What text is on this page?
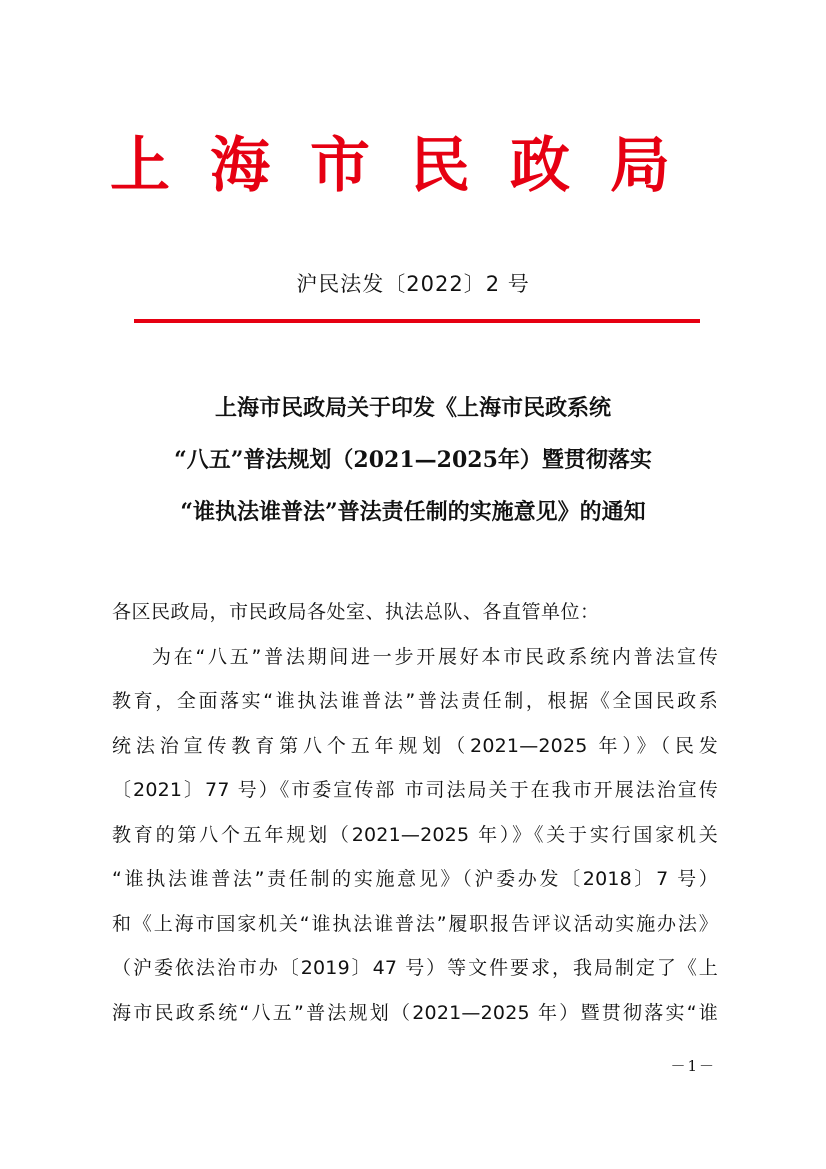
上 海 市 民 政 局
沪民法发〔2022〕2 号
上海市民政局关于印发《上海市民政系统
“八五”普法规划（2021—2025年）暨贯彻落实
“谁执法谁普法”普法责任制的实施意见》的通知
各区民政局，市民政局各处室、执法总队、各直管单位：
为在“八五”普法期间进一步开展好本市民政系统内普法宣传
教育，全面落实“谁执法谁普法”普法责任制，根据《全国民政系
统法治宣传教育第八个五年规划（2021—2025 年）》（民发
〔2021〕77 号）《市委宣传部 市司法局关于在我市开展法治宣传
教育的第八个五年规划（2021—2025 年）》《关于实行国家机关
“谁执法谁普法”责任制的实施意见》（沪委办发〔2018〕7 号）
和《上海市国家机关“谁执法谁普法”履职报告评议活动实施办法》
（沪委依法治市办〔2019〕47 号）等文件要求，我局制定了《上
海市民政系统“八五”普法规划（2021—2025 年）暨贯彻落实“谁
－1－
